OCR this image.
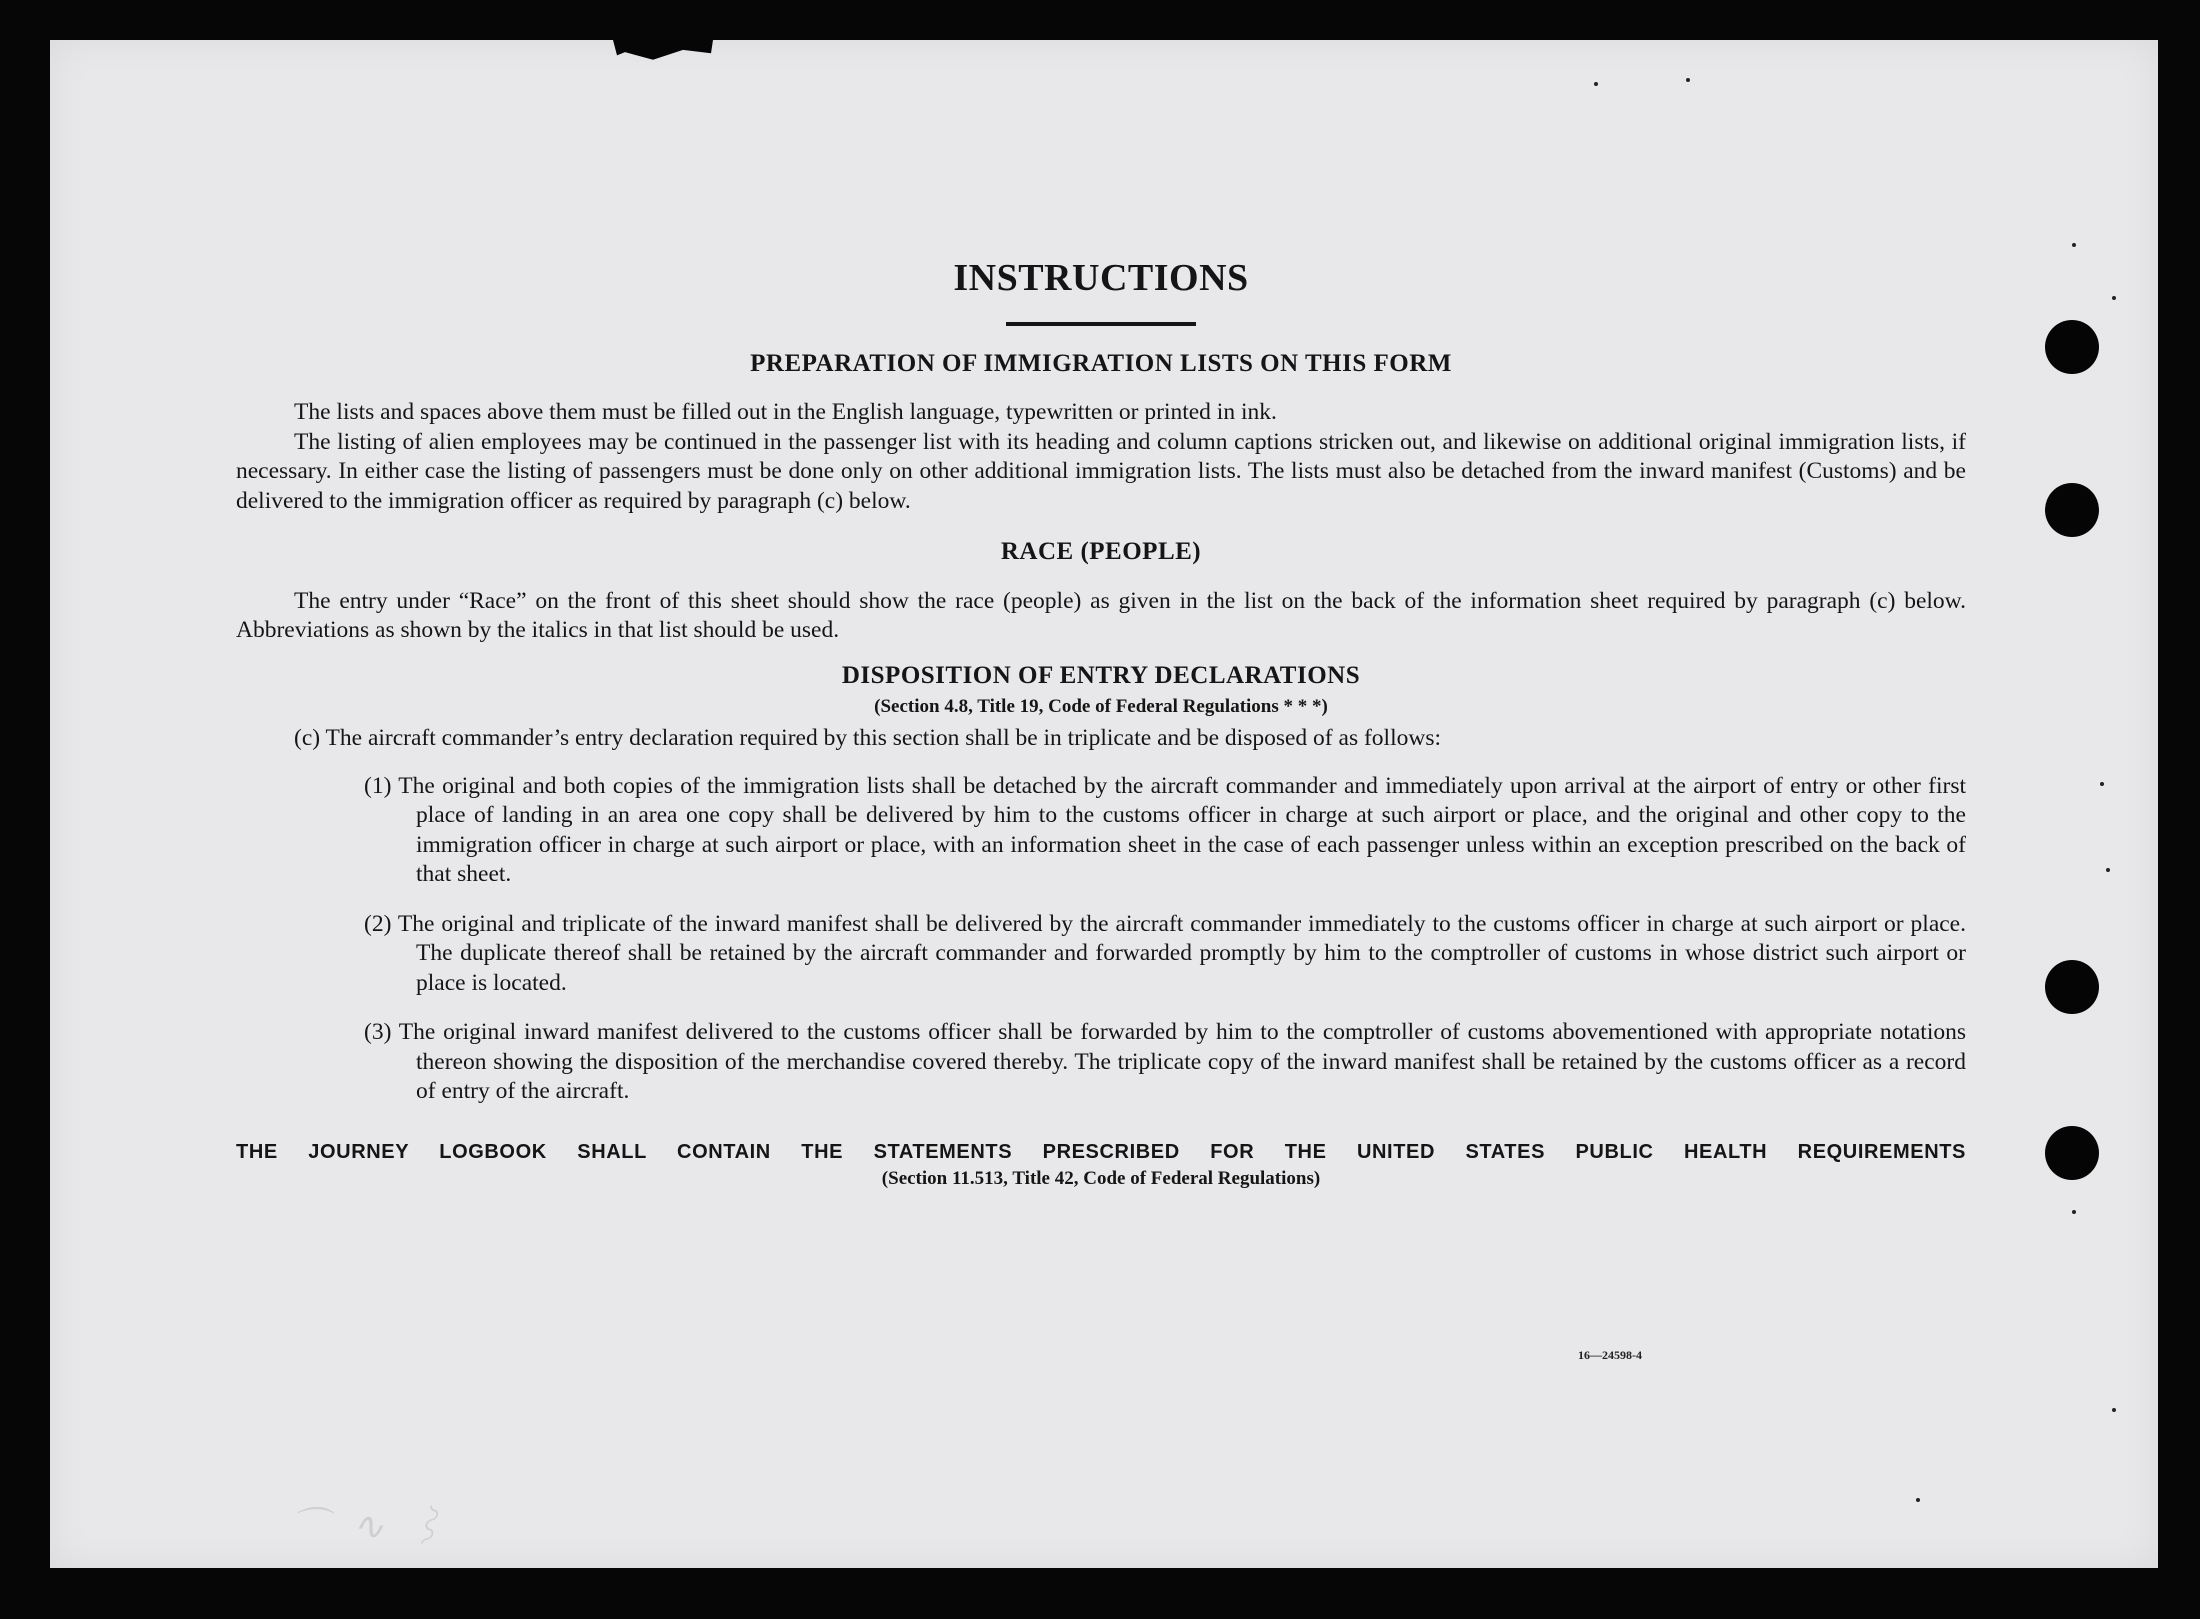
INSTRUCTIONS
PREPARATION OF IMMIGRATION LISTS ON THIS FORM

The lists and spaces above them must be filled out in the English language, typewritten or printed in ink.

The listing of alien employees may be continued in the passenger list with its heading and column captions stricken out, and likewise on additional original immigration lists, if necessary. In either case the listing of passengers must be done only on other additional immigration lists. The lists must also be detached from the inward manifest (Customs) and be delivered to the immigration officer as required by paragraph (c) below.

RACE (PEOPLE)

The entry under “Race” on the front of this sheet should show the race (people) as given in the list on the back of the information sheet required by paragraph (c) below. Abbreviations as shown by the italics in that list should be used.

DISPOSITION OF ENTRY DECLARATIONS
(Section 4.8, Title 19, Code of Federal Regulations * * *)

(c) The aircraft commander’s entry declaration required by this section shall be in triplicate and be disposed of as follows:

(1) The original and both copies of the immigration lists shall be detached by the aircraft commander and immediately upon arrival at the airport of entry or other first place of landing in an area one copy shall be delivered by him to the customs officer in charge at such airport or place, and the original and other copy to the immigration officer in charge at such airport or place, with an information sheet in the case of each passenger unless within an exception prescribed on the back of that sheet.

(2) The original and triplicate of the inward manifest shall be delivered by the aircraft commander immediately to the customs officer in charge at such airport or place. The duplicate thereof shall be retained by the aircraft commander and forwarded promptly by him to the comptroller of customs in whose district such airport or place is located.

(3) The original inward manifest delivered to the customs officer shall be forwarded by him to the comptroller of customs abovementioned with appropriate notations thereon showing the disposition of the merchandise covered thereby. The triplicate copy of the inward manifest shall be retained by the customs officer as a record of entry of the aircraft.

THE JOURNEY LOGBOOK SHALL CONTAIN THE STATEMENTS PRESCRIBED FOR THE UNITED STATES PUBLIC HEALTH REQUIREMENTS

(Section 11.513, Title 42, Code of Federal Regulations)
16—24598-4
⌒ ∿ ⌇
